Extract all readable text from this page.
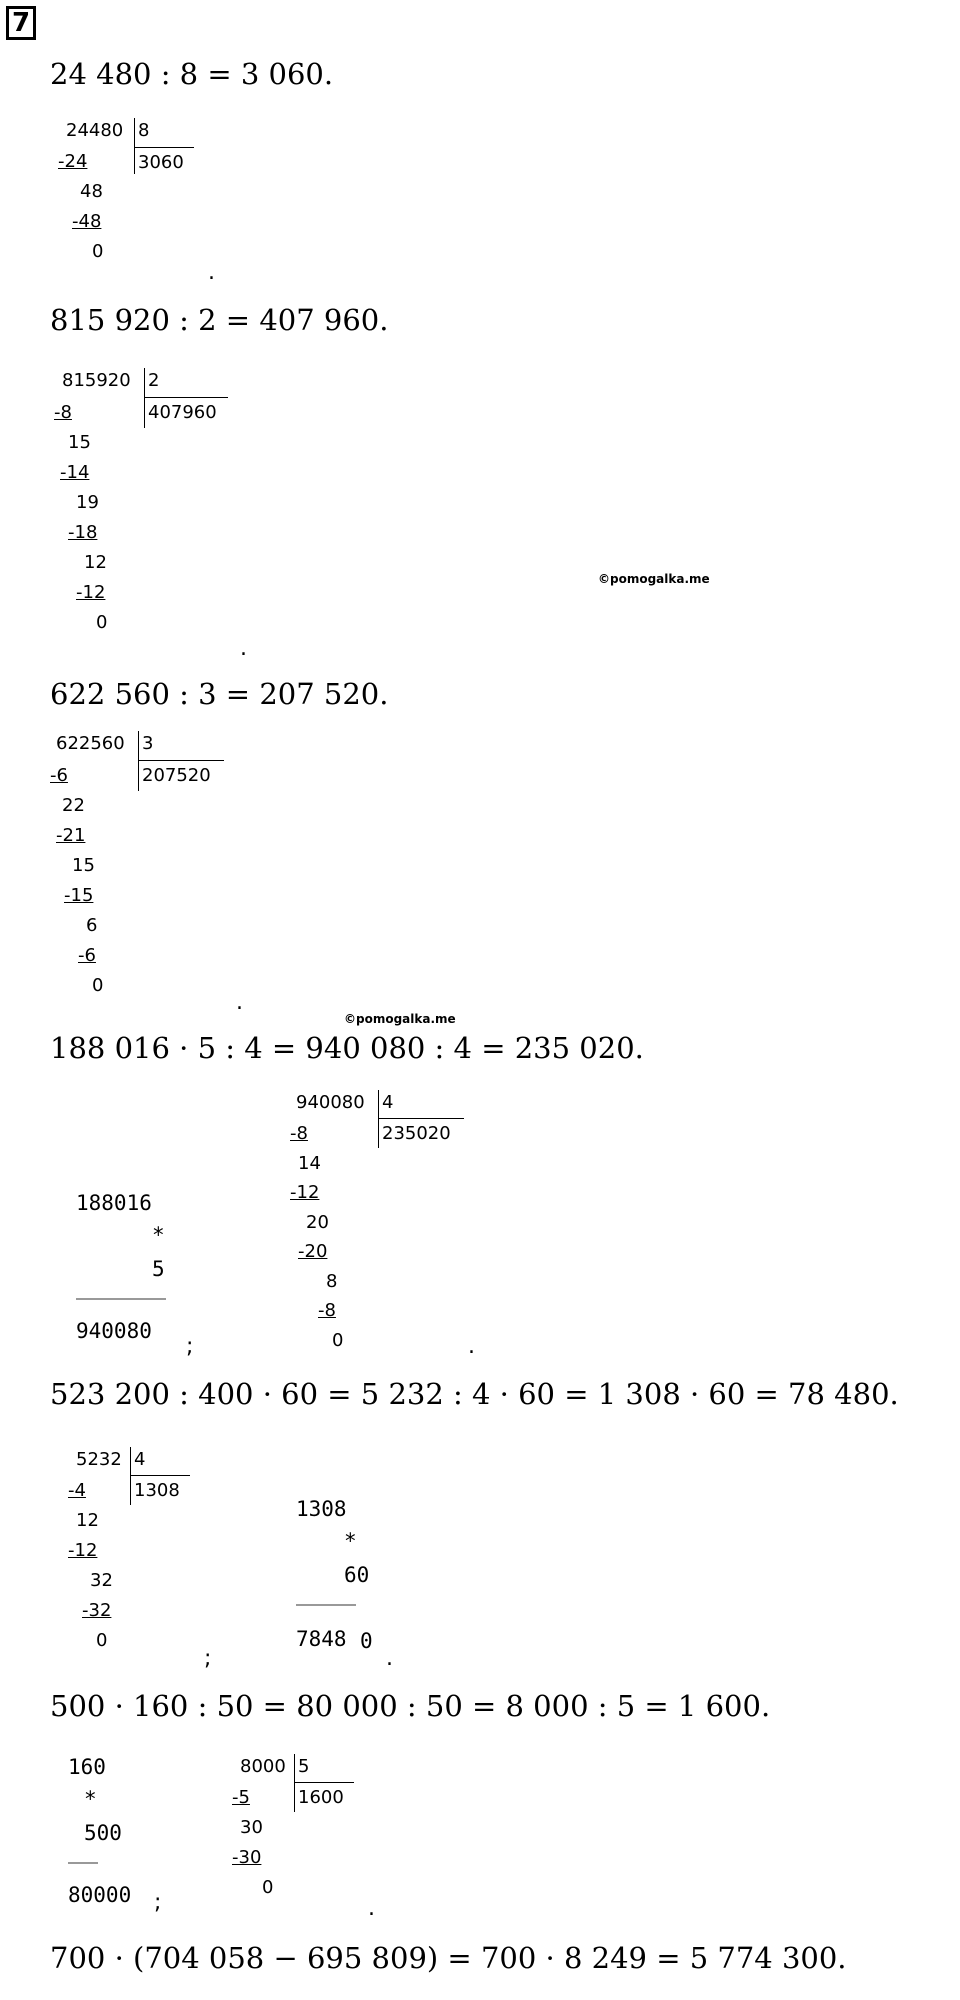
7
24 480 : 8 = 3 060.
24480 8
3060
-24
48
-48
0
.
815 920 : 2 = 407 960.
815920 2
407960
-8
15
-14
19
-18
12
-12
0
.
©pomogalka.me
622 560 : 3 = 207 520.
622560 3
207520
-6
22
-21
15
-15
6
-6
0
.
©pomogalka.me
188 016 · 5 : 4 = 940 080 : 4 = 235 020.
188016
*
5
940080
;
940080 4
235020
-8
14
-12
20
-20
8
-8
0	.
523 200 : 400 · 60 = 5 232 : 4 · 60 = 1 308 · 60 = 78 480.
5232 4
1308
-4
12
-12
32
-32
0
;
1308
*
60
7848 0
.
500 · 160 : 50 = 80 000 : 50 = 8 000 : 5 = 1 600.
160
*
500
80000 ;
8000 5
1600
-5
30
-30
0
.
700 · (704 058 − 695 809) = 700 · 8 249 = 5 774 300.
